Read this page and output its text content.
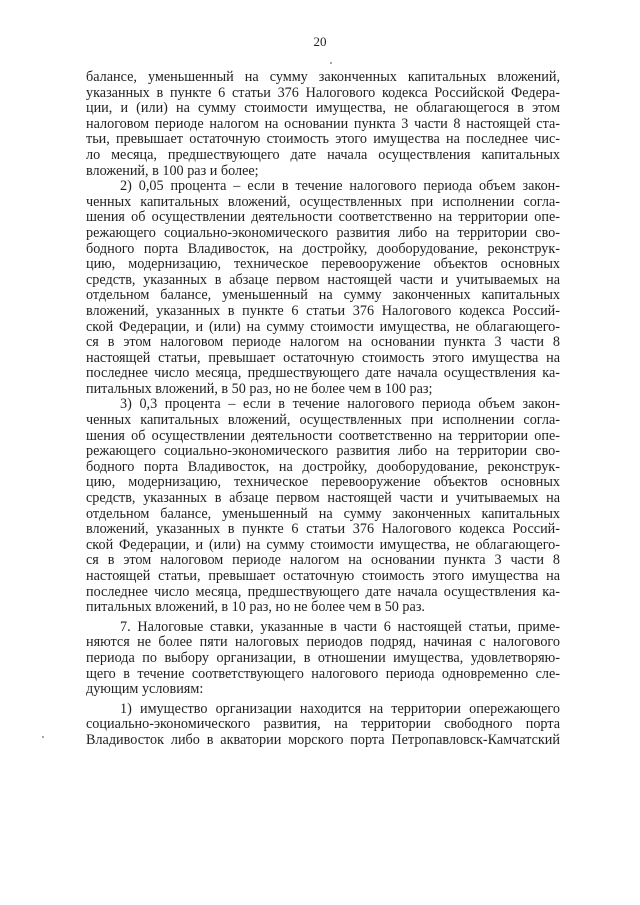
20
балансе, уменьшенный на сумму законченных капитальных вложений,
указанных в пункте 6 статьи 376 Налогового кодекса Российской Федера-
ции, и (или) на сумму стоимости имущества, не облагающегося в этом
налоговом периоде налогом на основании пункта 3 части 8 настоящей ста-
тьи, превышает остаточную стоимость этого имущества на последнее чис-
ло месяца, предшествующего дате начала осуществления капитальных
вложений, в 100 раз и более;
2) 0,05 процента – если в течение налогового периода объем закон-
ченных капитальных вложений, осуществленных при исполнении согла-
шения об осуществлении деятельности соответственно на территории опе-
режающего социально-экономического развития либо на территории сво-
бодного порта Владивосток, на достройку, дооборудование, реконструк-
цию, модернизацию, техническое перевооружение объектов основных
средств, указанных в абзаце первом настоящей части и учитываемых на
отдельном балансе, уменьшенный на сумму законченных капитальных
вложений, указанных в пункте 6 статьи 376 Налогового кодекса Россий-
ской Федерации, и (или) на сумму стоимости имущества, не облагающего-
ся в этом налоговом периоде налогом на основании пункта 3 части 8
настоящей статьи, превышает остаточную стоимость этого имущества на
последнее число месяца, предшествующего дате начала осуществления ка-
питальных вложений, в 50 раз, но не более чем в 100 раз;
3) 0,3 процента – если в течение налогового периода объем закон-
ченных капитальных вложений, осуществленных при исполнении согла-
шения об осуществлении деятельности соответственно на территории опе-
режающего социально-экономического развития либо на территории сво-
бодного порта Владивосток, на достройку, дооборудование, реконструк-
цию, модернизацию, техническое перевооружение объектов основных
средств, указанных в абзаце первом настоящей части и учитываемых на
отдельном балансе, уменьшенный на сумму законченных капитальных
вложений, указанных в пункте 6 статьи 376 Налогового кодекса Россий-
ской Федерации, и (или) на сумму стоимости имущества, не облагающего-
ся в этом налоговом периоде налогом на основании пункта 3 части 8
настоящей статьи, превышает остаточную стоимость этого имущества на
последнее число месяца, предшествующего дате начала осуществления ка-
питальных вложений, в 10 раз, но не более чем в 50 раз.
7. Налоговые ставки, указанные в части 6 настоящей статьи, приме-
няются не более пяти налоговых периодов подряд, начиная с налогового
периода по выбору организации, в отношении имущества, удовлетворяю-
щего в течение соответствующего налогового периода одновременно сле-
дующим условиям:
1) имущество организации находится на территории опережающего
социально-экономического развития, на территории свободного порта
Владивосток либо в акватории морского порта Петропавловск-Камчатский
